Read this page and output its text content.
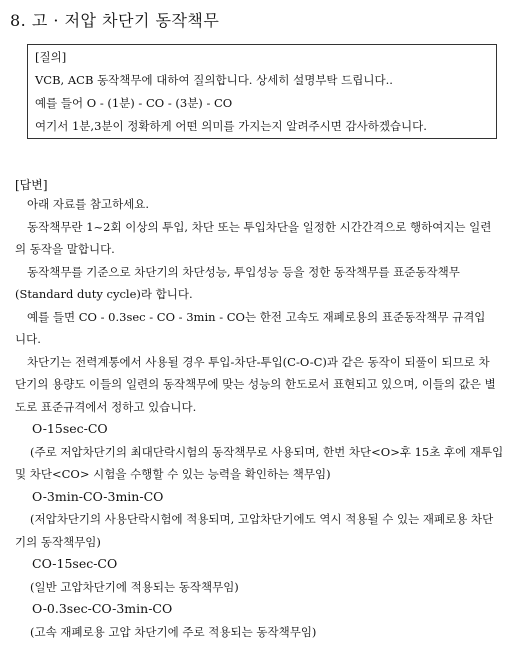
8. 고 · 저압 차단기 동작책무
[질의]
VCB, ACB 동작책무에 대하여 질의합니다. 상세히 설명부탁 드립니다..
예를 들어 O - (1분) - CO - (3분) - CO
여기서 1분,3분이 정확하게 어떤 의미를 가지는지 알려주시면 감사하겠습니다.
[답변]
아래 자료를 참고하세요.
동작책무란 1~2회 이상의 투입, 차단 또는 투입차단을 일정한 시간간격으로 행하여지는 일련
의 동작을 말합니다.
동작책무를 기준으로 차단기의 차단성능, 투입성능 등을 정한 동작책무를 표준동작책무
(Standard duty cycle)라 합니다.
예를 들면 CO - 0.3sec - CO - 3min - CO는 한전 고속도 재폐로용의 표준동작책무 규격입
니다.
차단기는 전력계통에서 사용될 경우 투입-차단-투입(C-O-C)과 같은 동작이 되풀이 되므로 차
단기의 용량도 이들의 일련의 동작책무에 맞는 성능의 한도로서 표현되고 있으며, 이들의 값은 별
도로 표준규격에서 정하고 있습니다.
O-15sec-CO
(주로 저압차단기의 최대단락시험의 동작책무로 사용되며, 한번 차단<O>후 15초 후에 재투입
및 차단<CO> 시험을 수행할 수 있는 능력을 확인하는 책무임)
O-3min-CO-3min-CO
(저압차단기의 사용단락시험에 적용되며, 고압차단기에도 역시 적용될 수 있는 재폐로용 차단
기의 동작책무임)
CO-15sec-CO
(일반 고압차단기에 적용되는 동작책무임)
O-0.3sec-CO-3min-CO
(고속 재폐로용 고압 차단기에 주로 적용되는 동작책무임)
